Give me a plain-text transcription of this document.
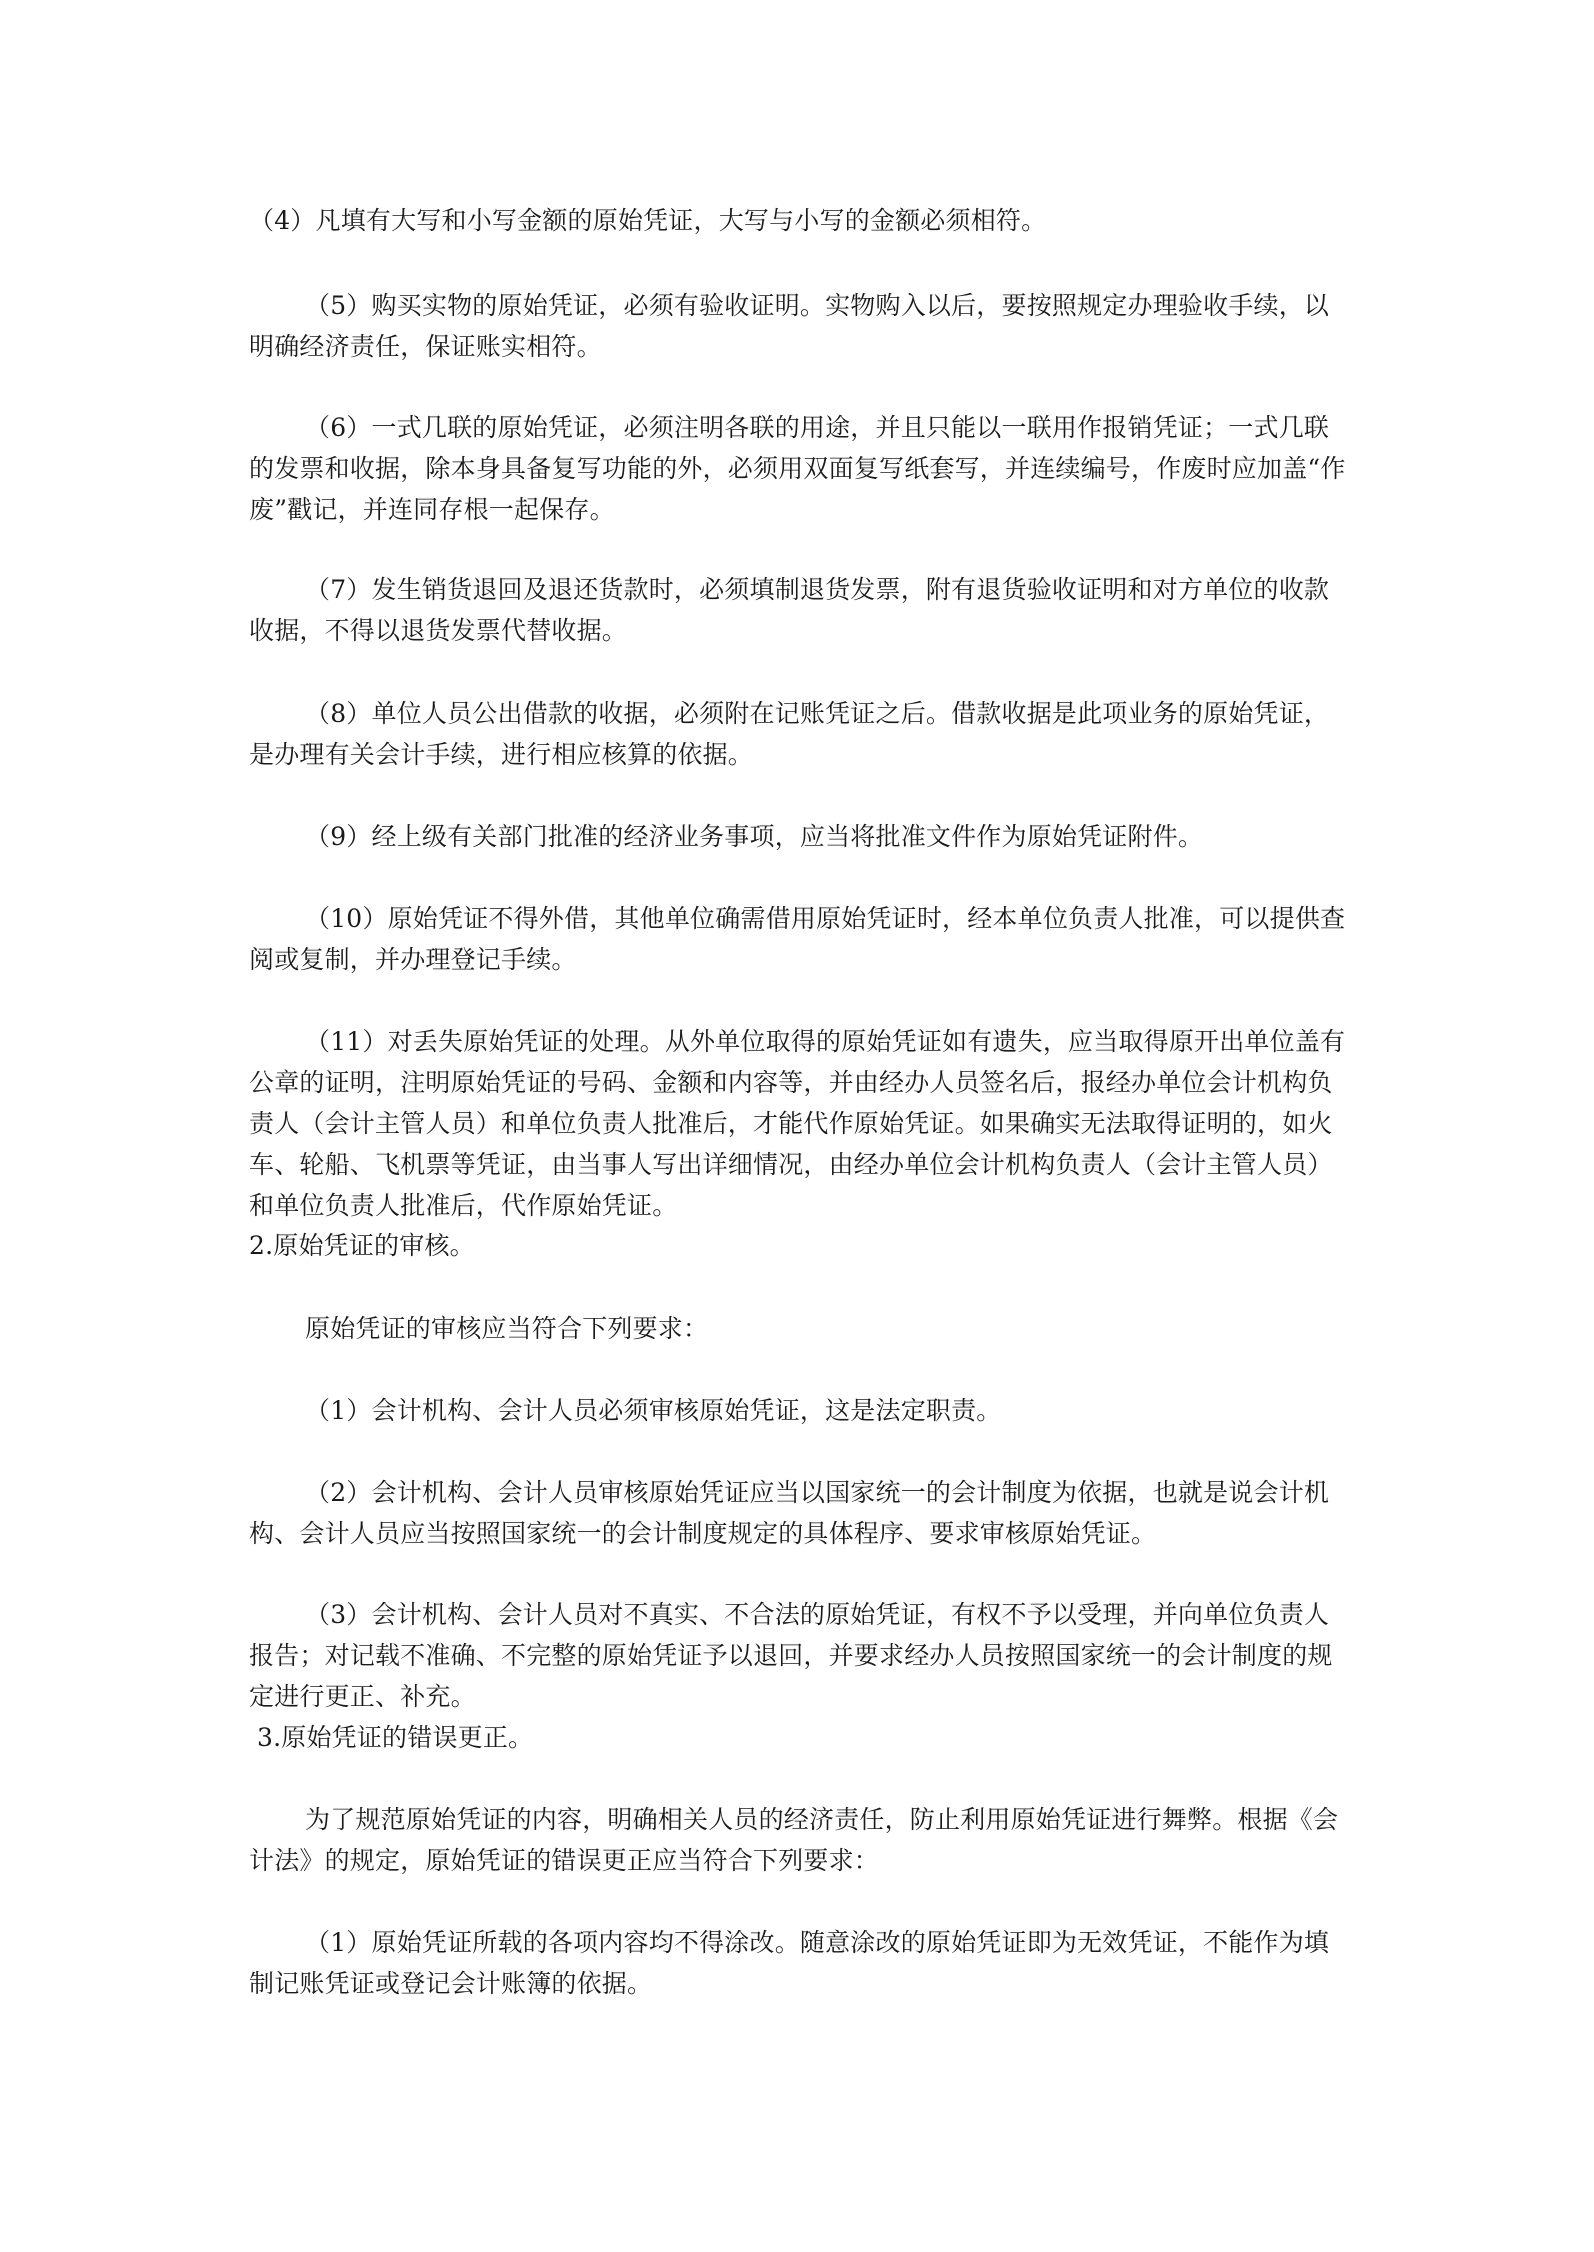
（4）凡填有大写和小写金额的原始凭证，大写与小写的金额必须相符。

（5）购买实物的原始凭证，必须有验收证明。实物购入以后，要按照规定办理验收手续，以明确经济责任，保证账实相符。

（6）一式几联的原始凭证，必须注明各联的用途，并且只能以一联用作报销凭证；一式几联的发票和收据，除本身具备复写功能的外，必须用双面复写纸套写，并连续编号，作废时应加盖“作废”戳记，并连同存根一起保存。

（7）发生销货退回及退还货款时，必须填制退货发票，附有退货验收证明和对方单位的收款收据，不得以退货发票代替收据。

（8）单位人员公出借款的收据，必须附在记账凭证之后。借款收据是此项业务的原始凭证，是办理有关会计手续，进行相应核算的依据。

（9）经上级有关部门批准的经济业务事项，应当将批准文件作为原始凭证附件。

（10）原始凭证不得外借，其他单位确需借用原始凭证时，经本单位负责人批准，可以提供查阅或复制，并办理登记手续。

（11）对丢失原始凭证的处理。从外单位取得的原始凭证如有遗失，应当取得原开出单位盖有公章的证明，注明原始凭证的号码、金额和内容等，并由经办人员签名后，报经办单位会计机构负责人（会计主管人员）和单位负责人批准后，才能代作原始凭证。如果确实无法取得证明的，如火车、轮船、飞机票等凭证，由当事人写出详细情况，由经办单位会计机构负责人（会计主管人员）和单位负责人批准后，代作原始凭证。

2.原始凭证的审核。

原始凭证的审核应当符合下列要求：

（1）会计机构、会计人员必须审核原始凭证，这是法定职责。

（2）会计机构、会计人员审核原始凭证应当以国家统一的会计制度为依据，也就是说会计机构、会计人员应当按照国家统一的会计制度规定的具体程序、要求审核原始凭证。

（3）会计机构、会计人员对不真实、不合法的原始凭证，有权不予以受理，并向单位负责人报告；对记载不准确、不完整的原始凭证予以退回，并要求经办人员按照国家统一的会计制度的规定进行更正、补充。

3.原始凭证的错误更正。

为了规范原始凭证的内容，明确相关人员的经济责任，防止利用原始凭证进行舞弊。根据《会计法》的规定，原始凭证的错误更正应当符合下列要求：

（1）原始凭证所载的各项内容均不得涂改。随意涂改的原始凭证即为无效凭证，不能作为填制记账凭证或登记会计账簿的依据。
